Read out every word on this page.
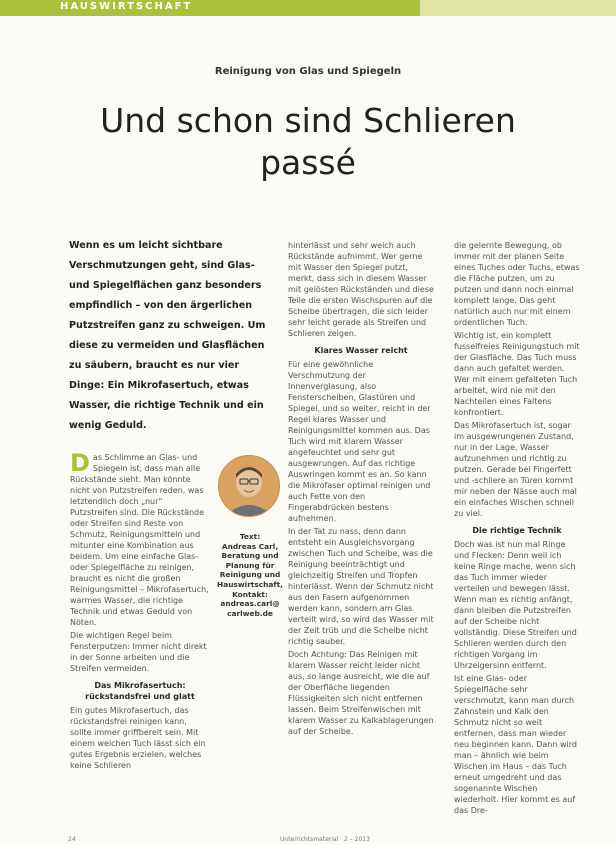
HAUSWIRTSCHAFT
Reinigung von Glas und Spiegeln
Und schon sind Schlieren
passé
Wenn es um leicht sichtbare Verschmutzungen geht, sind Glas- und Spiegelflächen ganz besonders empfindlich – von den ärgerlichen Putzstreifen ganz zu schweigen. Um diese zu vermeiden und Glasflächen zu säubern, braucht es nur vier Dinge: Ein Mikrofasertuch, etwas Wasser, die richtige Technik und ein wenig Geduld.

Das Schlimme an Glas- und Spiegeln ist, dass man alle Rückstände sieht. Man könnte nicht von Putzstreifen reden, was letztendlich doch „nur“ Putzstreifen sind. Die Rückstände oder Streifen sind Reste von Schmutz, Reinigungsmitteln und mitunter eine Kombination aus beidem. Um eine einfache Glas- oder Spiegelfläche zu reinigen, braucht es nicht die großen Reinigungsmittel – Mikrofasertuch, warmes Wasser, die richtige Technik und etwas Geduld von Nöten.

Die wichtigen Regel beim Fensterputzen: Immer nicht direkt in der Sonne arbeiten und die Streifen vermeiden.

Das Mikrofasertuch: rückstandsfrei und glatt

Ein gutes Mikrofasertuch, das rückstandsfrei reinigen kann, sollte immer griffbereit sein. Mit einem weichen Tuch lässt sich ein gutes Ergebnis erzielen, welches keine Schlieren

Text:
Andreas Carl,
Beratung und
Planung für
Reinigung und
Hauswirtschaft,
Kontakt:
andreas.carl@
carlweb.de

hinterlässt und sehr weich auch Rückstände aufnimmt. Wer gerne mit Wasser den Spiegel putzt, merkt, dass sich in diesem Wasser mit gelösten Rückständen und diese Teile die ersten Wischspuren auf die Scheibe übertragen, die sich leider sehr leicht gerade als Streifen und Schlieren zeigen.

Klares Wasser reicht

Für eine gewöhnliche Verschmutzung der Innenverglasung, also Fensterscheiben, Glastüren und Spiegel, und so weiter, reicht in der Regel klares Wasser und Reinigungsmittel kommen aus. Das Tuch wird mit klarem Wasser angefeuchtet und sehr gut ausgewrungen. Auf das richtige Auswringen kommt es an. So kann die Mikrofaser optimal reinigen und auch Fette von den Fingerabdrücken bestens aufnehmen.

In der Tat zu nass, denn dann entsteht ein Ausgleichsvorgang zwischen Tuch und Scheibe, was die Reinigung beeinträchtigt und gleichzeitig Streifen und Tropfen hinterlässt. Wenn der Schmutz nicht aus den Fasern aufgenommen werden kann, sondern am Glas verteilt wird, so wird das Wasser mit der Zeit trüb und die Scheibe nicht richtig sauber.

Doch Achtung: Das Reinigen mit klarem Wasser reicht leider nicht aus, so lange ausreicht, wie die auf der Oberfläche liegenden Flüssigkeiten sich nicht entfernen lassen. Beim Streifenwischen mit klarem Wasser zu Kalkablagerungen auf der Scheibe.

die gelernte Bewegung, ob immer mit der planen Seite eines Tuches oder Tuchs, etwas die Fläche putzen, um zu putzen und dann noch einmal komplett lange. Das geht natürlich auch nur mit einem ordentlichen Tuch.

Wichtig ist, ein komplett fusselfreies Reinigungstuch mit der Glasfläche. Das Tuch muss dann auch gefaltet werden. Wer mit einem gefalteten Tuch arbeitet, wird nie mit den Nachteilen eines Faltens konfrontiert.

Das Mikrofasertuch ist, sogar im ausgewrungenen Zustand, nur in der Lage, Wasser aufzunehmen und richtig zu putzen. Gerade bei Fingerfett und -schliere an Türen kommt mir neben der Nässe auch mal ein einfaches Wischen schnell zu viel.

Die richtige Technik

Doch was ist nun mal Ringe und Flecken: Denn weil ich keine Ringe mache, wenn sich das Tuch immer wieder verteilen und bewegen lässt. Wenn man es richtig anfängt, dann bleiben die Putzstreifen auf der Scheibe nicht vollständig. Diese Streifen und Schlieren werden durch den richtigen Vorgang im Uhrzeigersinn entfernt.

Ist eine Glas- oder Spiegelfläche sehr verschmutzt, kann man durch Zahnstein und Kalk den Schmutz nicht so weit entfernen, dass man wieder neu beginnen kann. Dann wird man – ähnlich wie beim Wischen im Haus – das Tuch erneut umgedreht und das sogenannte Wischen wiederholt. Hier kommt es auf das Dre-

24	Unterrichtsmaterial 2 – 2013
